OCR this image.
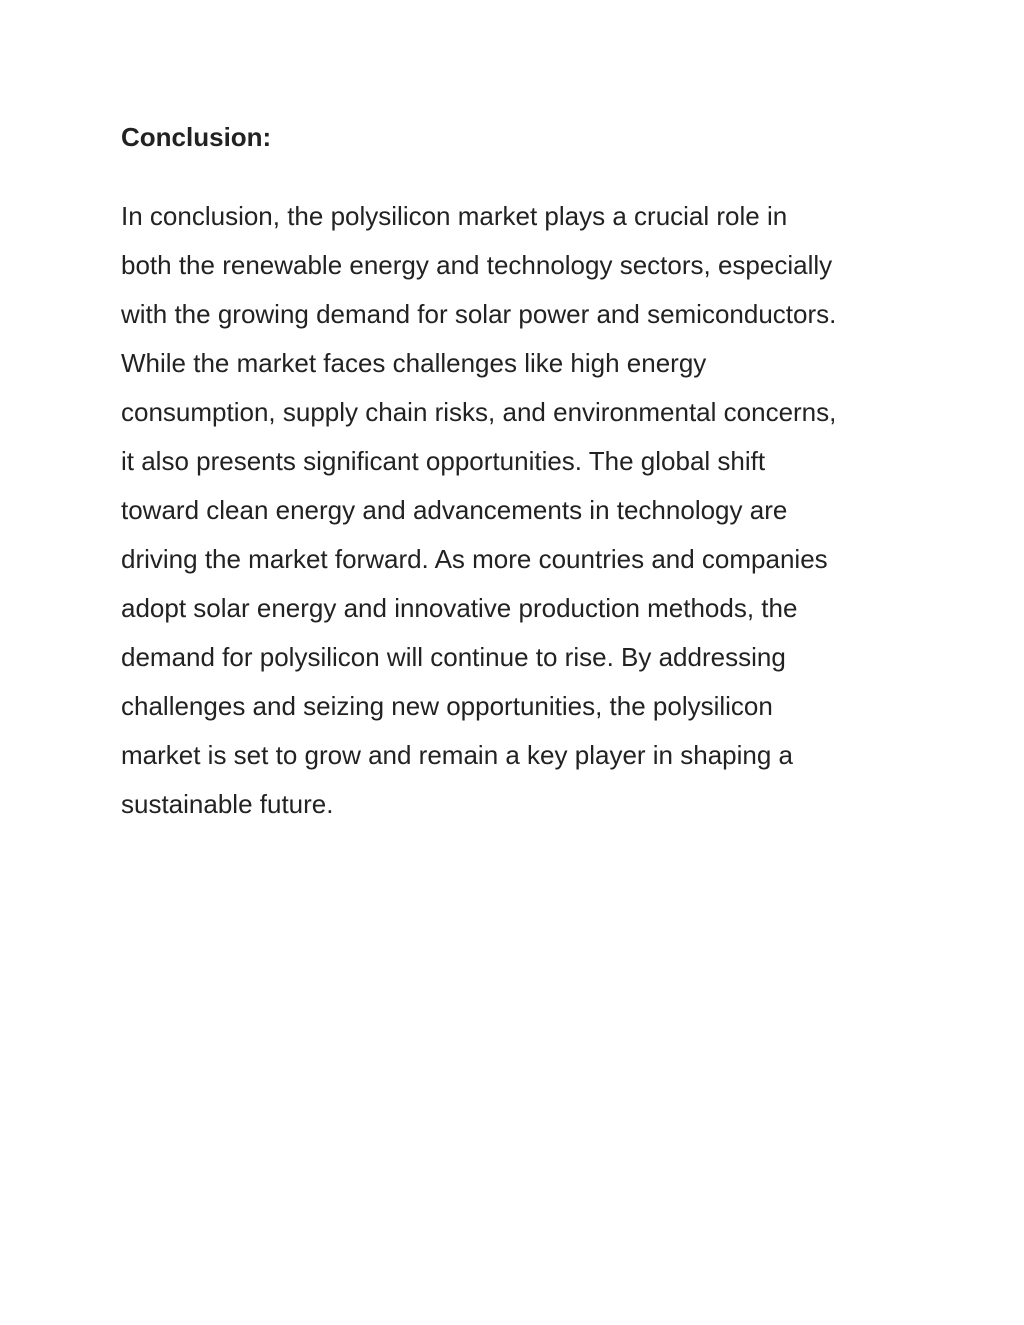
Conclusion:
In conclusion, the polysilicon market plays a crucial role in
both the renewable energy and technology sectors, especially
with the growing demand for solar power and semiconductors.
While the market faces challenges like high energy
consumption, supply chain risks, and environmental concerns,
it also presents significant opportunities. The global shift
toward clean energy and advancements in technology are
driving the market forward. As more countries and companies
adopt solar energy and innovative production methods, the
demand for polysilicon will continue to rise. By addressing
challenges and seizing new opportunities, the polysilicon
market is set to grow and remain a key player in shaping a
sustainable future.
